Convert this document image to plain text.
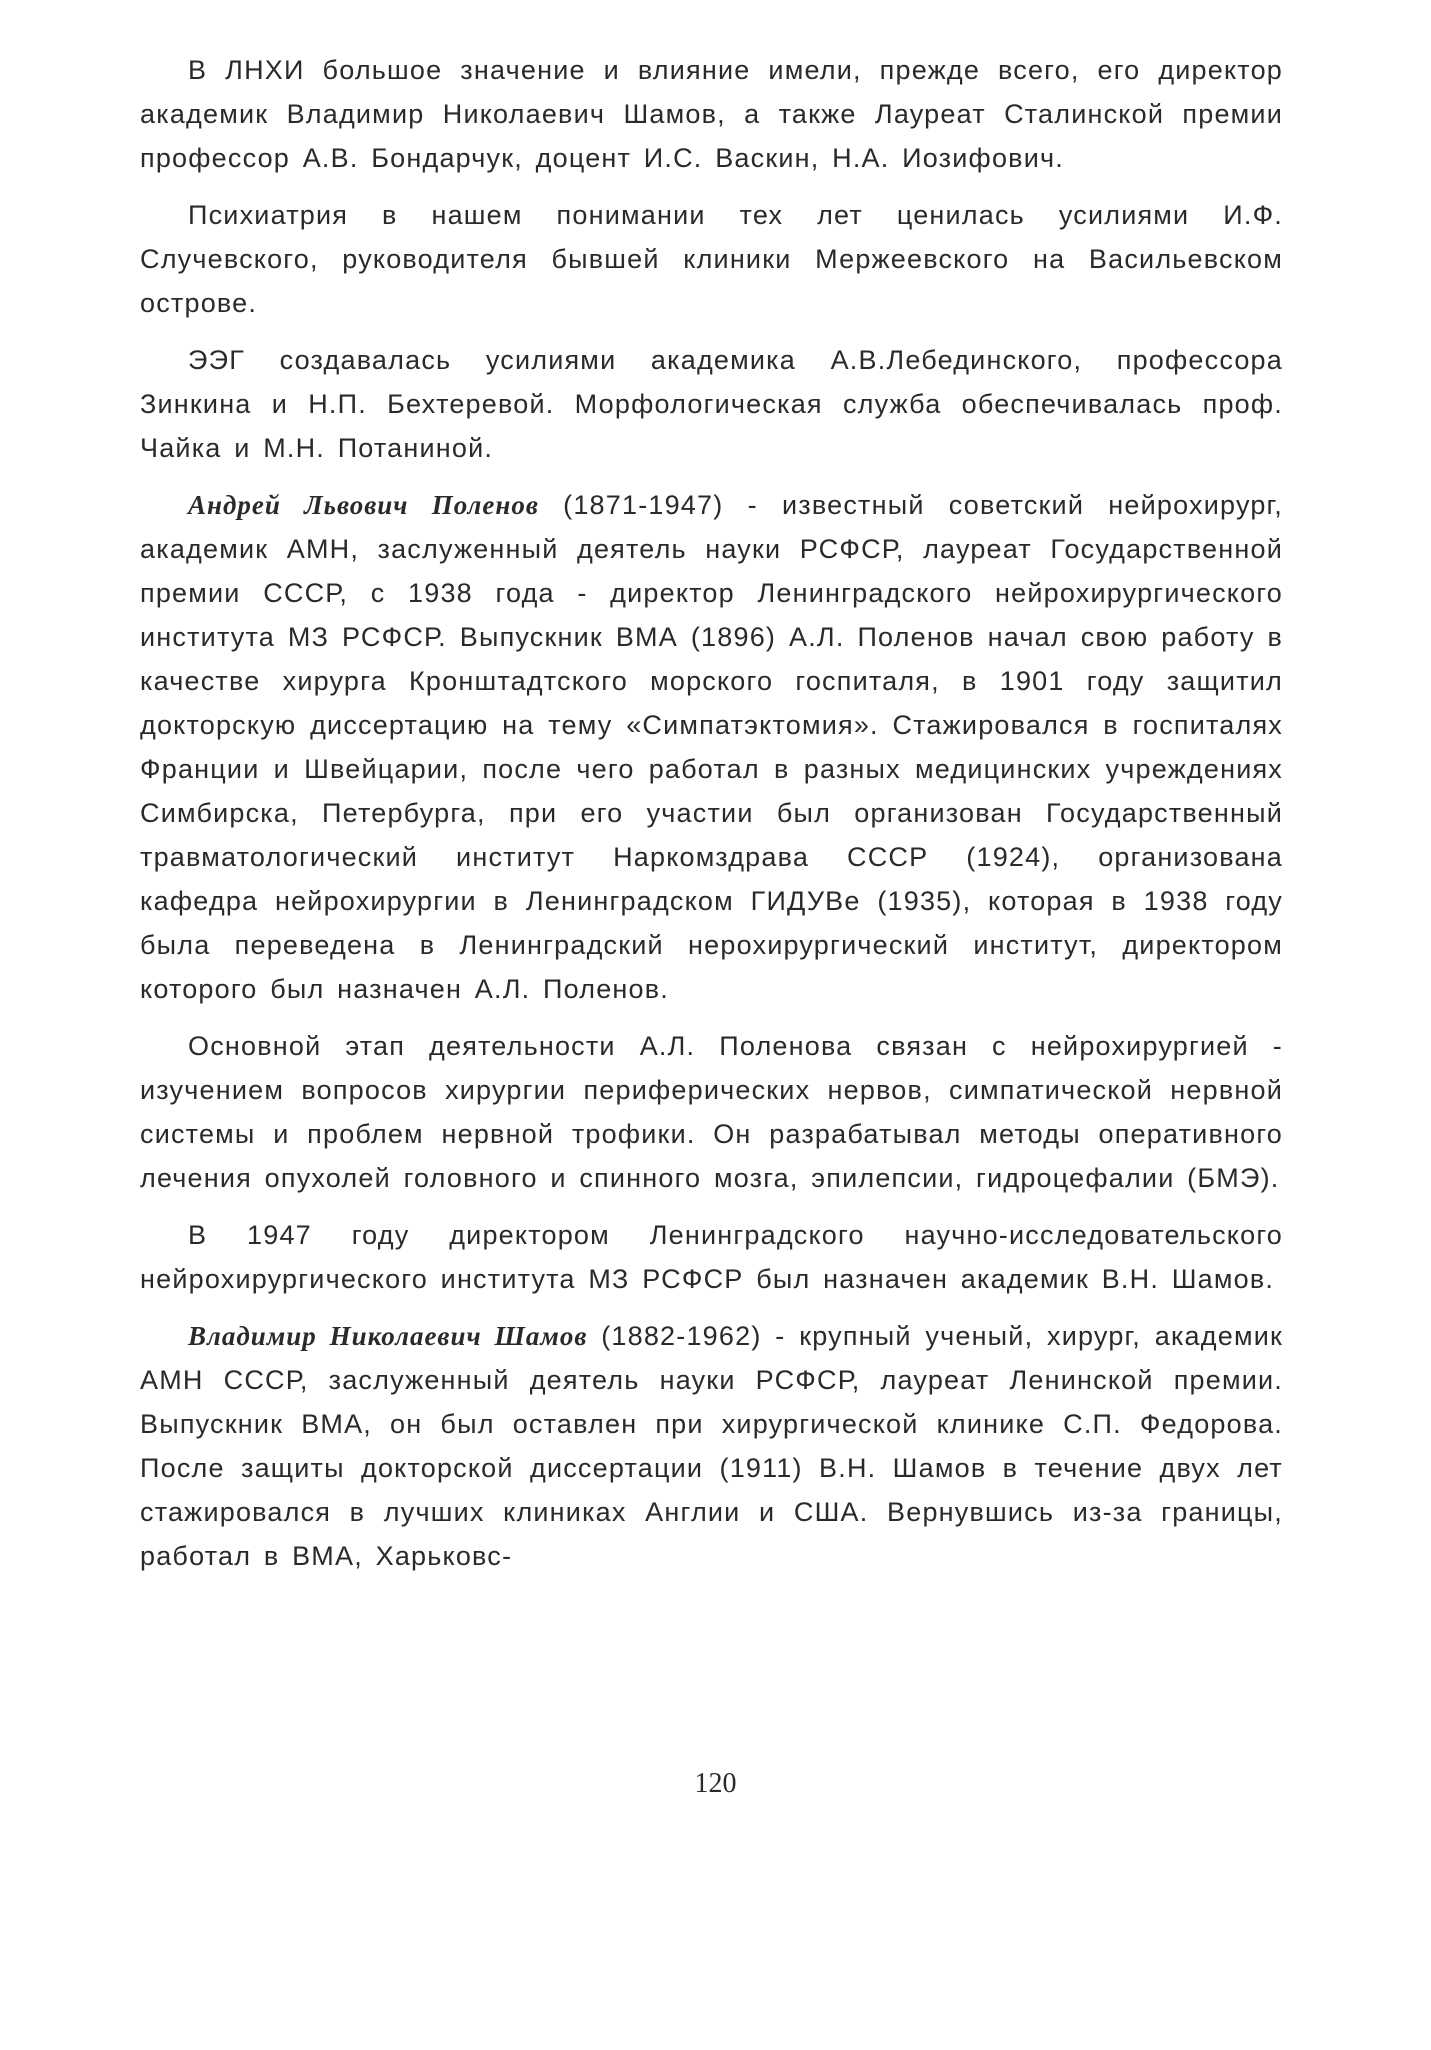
В ЛНХИ большое значение и влияние имели, прежде всего, его директор академик Владимир Николаевич Шамов, а также Лауреат Сталинской премии профессор А.В. Бондарчук, доцент И.С. Васкин, Н.А. Иозифович.

Психиатрия в нашем понимании тех лет ценилась усилиями И.Ф. Случевского, руководителя бывшей клиники Мержеевского на Васильевском острове.

ЭЭГ создавалась усилиями академика А.В.Лебединского, профессора Зинкина и Н.П. Бехтеревой. Морфологическая служба обеспечивалась проф. Чайка и М.Н. Потаниной.

Андрей Львович Поленов (1871-1947) - известный советский нейрохирург, академик АМН, заслуженный деятель науки РСФСР, лауреат Государственной премии СССР, с 1938 года - директор Ленинградского нейрохирургического института МЗ РСФСР. Выпускник ВМА (1896) А.Л. Поленов начал свою работу в качестве хирурга Кронштадтского морского госпиталя, в 1901 году защитил докторскую диссертацию на тему «Симпатэктомия». Стажировался в госпиталях Франции и Швейцарии, после чего работал в разных медицинских учреждениях Симбирска, Петербурга, при его участии был организован Государственный травматологический институт Наркомздрава СССР (1924), организована кафедра нейрохирургии в Ленинградском ГИДУВе (1935), которая в 1938 году была переведена в Ленинградский нерохирургический институт, директором которого был назначен А.Л. Поленов.

Основной этап деятельности А.Л. Поленова связан с нейрохирургией - изучением вопросов хирургии периферических нервов, симпатической нервной системы и проблем нервной трофики. Он разрабатывал методы оперативного лечения опухолей головного и спинного мозга, эпилепсии, гидроцефалии (БМЭ).

В 1947 году директором Ленинградского научно-исследовательского нейрохирургического института МЗ РСФСР был назначен академик В.Н. Шамов.

Владимир Николаевич Шамов (1882-1962) - крупный ученый, хирург, академик АМН СССР, заслуженный деятель науки РСФСР, лауреат Ленинской премии. Выпускник ВМА, он был оставлен при хирургической клинике С.П. Федорова. После защиты докторской диссертации (1911) В.Н. Шамов в течение двух лет стажировался в лучших клиниках Англии и США. Вернувшись из-за границы, работал в ВМА, Харьковс-

120
